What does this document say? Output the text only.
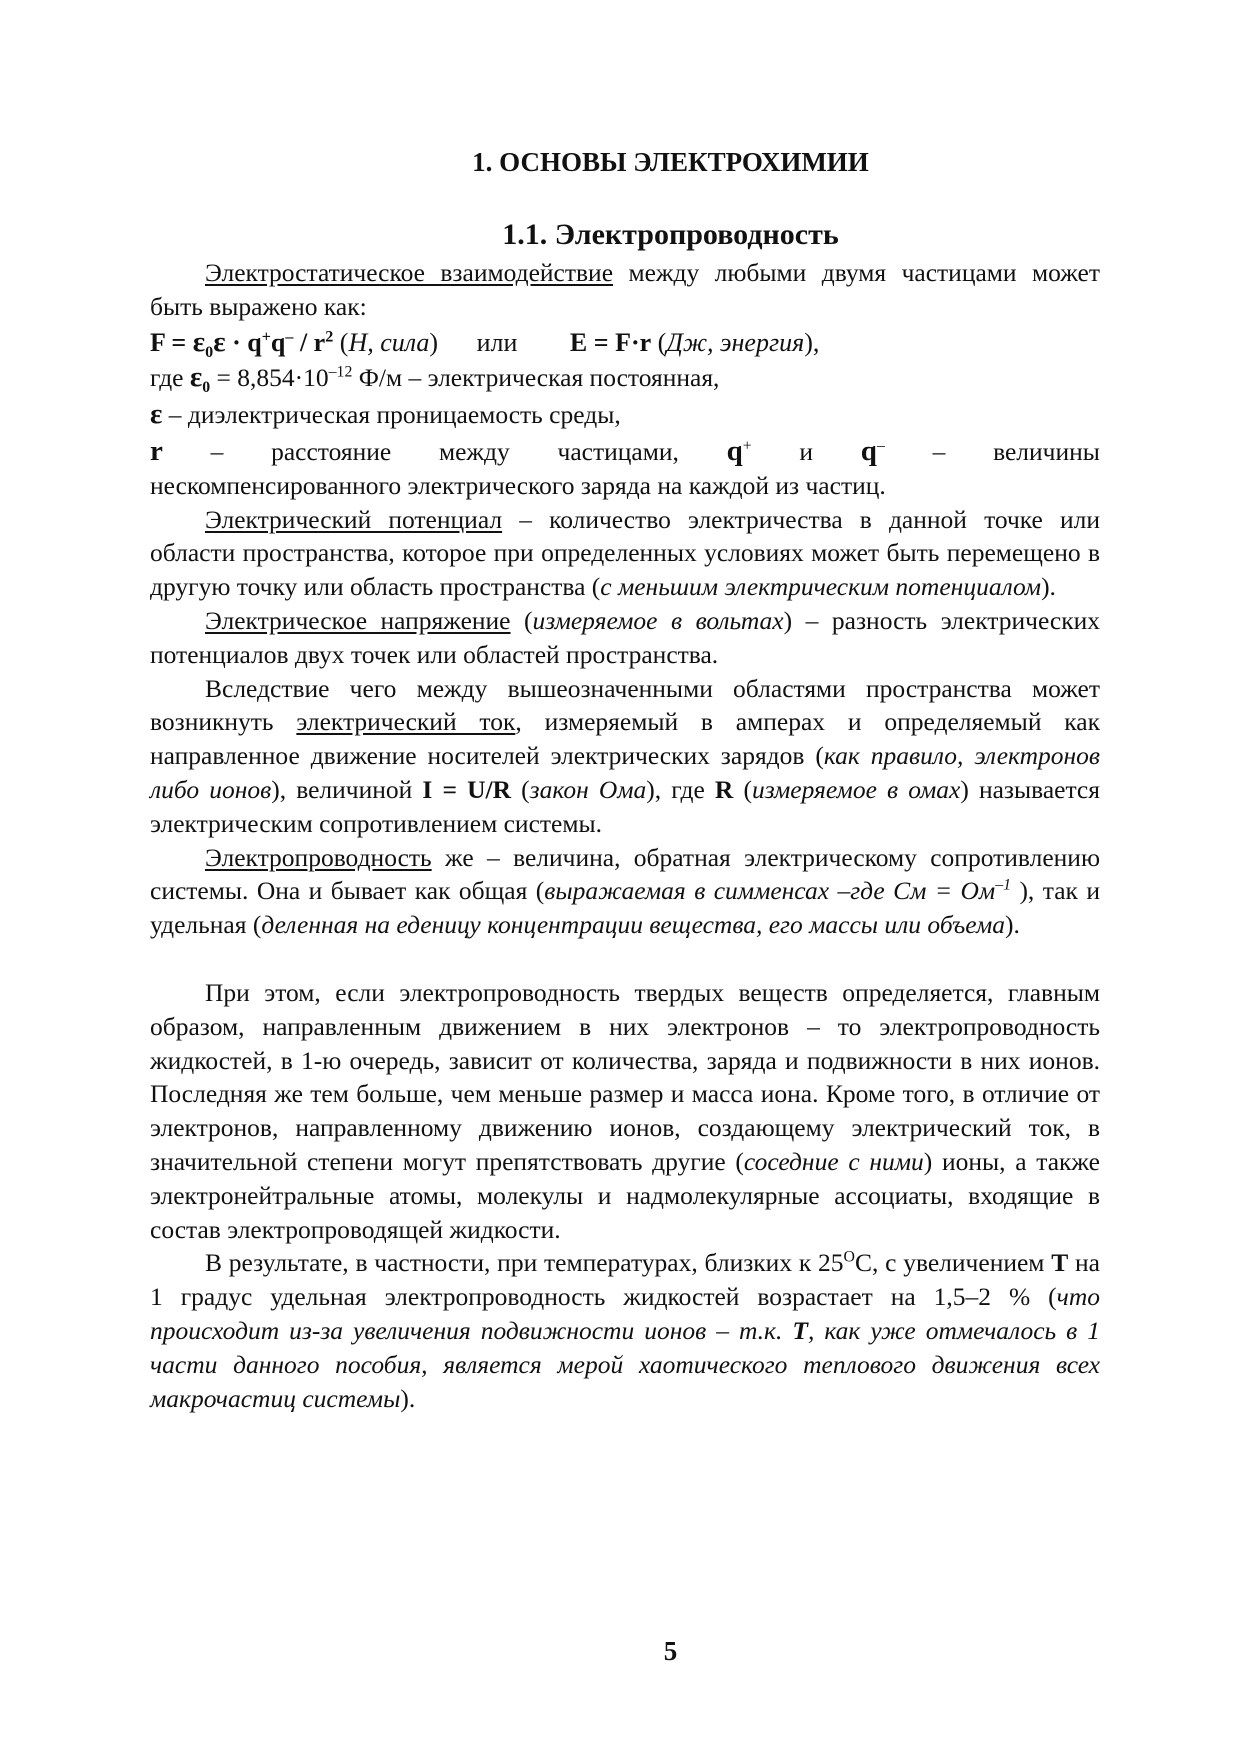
1. ОСНОВЫ ЭЛЕКТРОХИМИИ
1.1. Электропроводность

Электростатическое взаимодействие между любыми двумя частицами может быть выражено как:

$F = \varepsilon_0\varepsilon \cdot q^+q^- / r^2$ (Н, сила) или E = F·r (Дж, энергия),
где $\varepsilon_0 = 8,854\cdot 10^{-12}$ Ф/м – электрическая постоянная,
ε – диэлектрическая проницаемость среды,
r – расстояние между частицами, q+ и q– – величины
нескомпенсированного электрического заряда на каждой из частиц.

Электрический потенциал – количество электричества в данной точке или области пространства, которое при определенных условиях может быть перемещено в другую точку или область пространства (с меньшим электрическим потенциалом).

Электрическое напряжение (измеряемое в вольтах) – разность электрических потенциалов двух точек или областей пространства.

Вследствие чего между вышеозначенными областями пространства может возникнуть электрический ток, измеряемый в амперах и определяемый как направленное движение носителей электрических зарядов (как правило, электронов либо ионов), величиной I = U/R (закон Ома), где R (измеряемое в омах) называется электрическим сопротивлением системы.

Электропроводность же – величина, обратная электрическому сопротивлению системы. Она и бывает как общая (выражаемая в симменсах –где См = $Ом^{-1}$ ), так и удельная (деленная на еденицу концентрации вещества, его массы или объема).

При этом, если электропроводность твердых веществ определяется, главным образом, направленным движением в них электронов – то электропроводность жидкостей, в 1-ю очередь, зависит от количества, заряда и подвижности в них ионов. Последняя же тем больше, чем меньше размер и масса иона. Кроме того, в отличие от электронов, направленному движению ионов, создающему электрический ток, в значительной степени могут препятствовать другие (соседние с ними) ионы, а также электронейтральные атомы, молекулы и надмолекулярные ассоциаты, входящие в состав электропроводящей жидкости.

В результате, в частности, при температурах, близких к $25^OС$, с увеличением T на 1 градус удельная электропроводность жидкостей возрастает на 1,5–2 % (что происходит из-за увеличения подвижности ионов – т.к. T, как уже отмечалось в 1 части данного пособия, является мерой хаотического теплового движения всех макрочастиц системы).

5
